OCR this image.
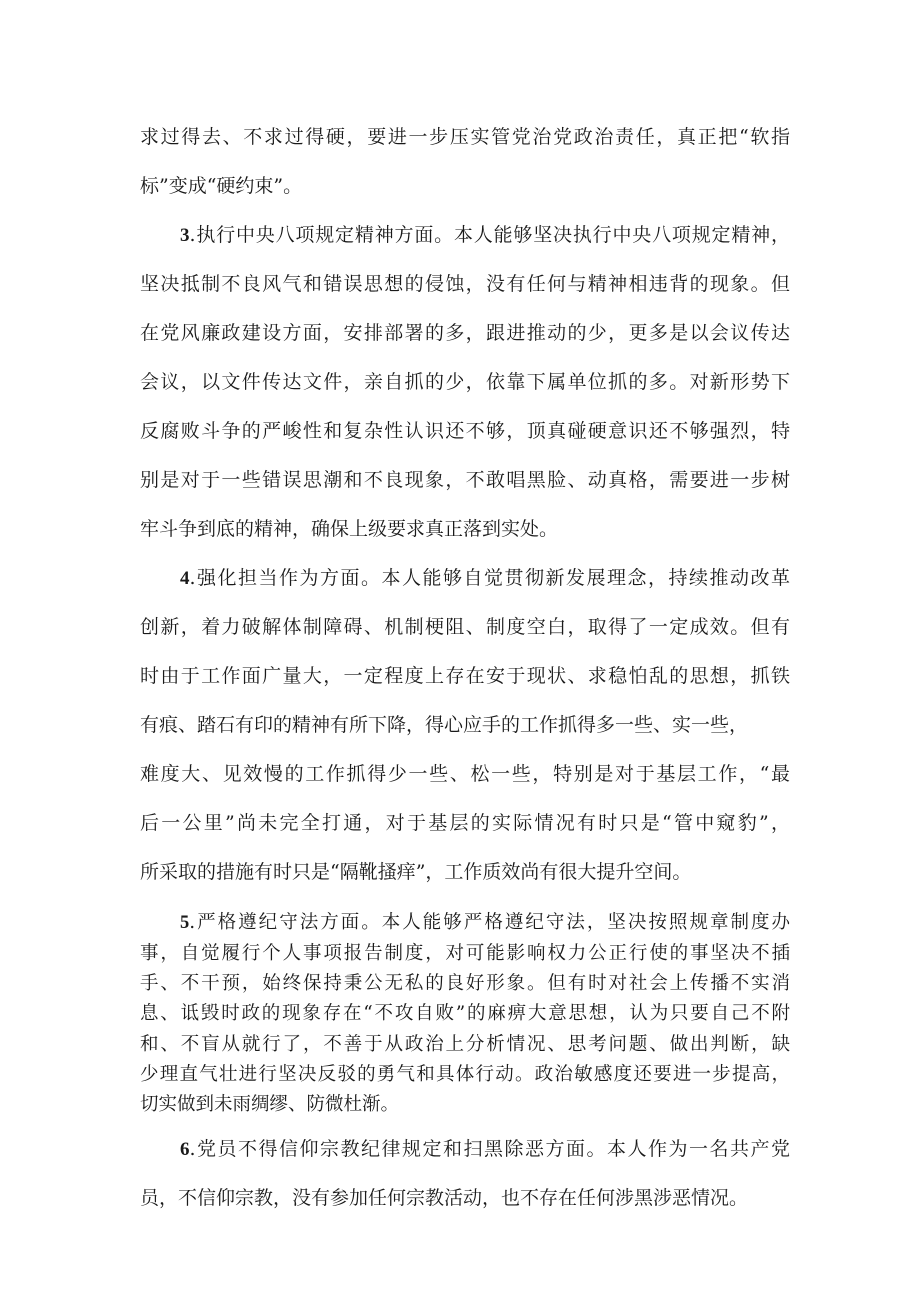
求过得去、不求过得硬，要进一步压实管党治党政治责任，真正把“软指
标”变成“硬约束”。
3.执行中央八项规定精神方面。本人能够坚决执行中央八项规定精神，
坚决抵制不良风气和错误思想的侵蚀，没有任何与精神相违背的现象。但
在党风廉政建设方面，安排部署的多，跟进推动的少，更多是以会议传达
会议，以文件传达文件，亲自抓的少，依靠下属单位抓的多。对新形势下
反腐败斗争的严峻性和复杂性认识还不够，顶真碰硬意识还不够强烈，特
别是对于一些错误思潮和不良现象，不敢唱黑脸、动真格，需要进一步树
牢斗争到底的精神，确保上级要求真正落到实处。
4.强化担当作为方面。本人能够自觉贯彻新发展理念，持续推动改革
创新，着力破解体制障碍、机制梗阻、制度空白，取得了一定成效。但有
时由于工作面广量大，一定程度上存在安于现状、求稳怕乱的思想，抓铁
有痕、踏石有印的精神有所下降，得心应手的工作抓得多一些、实一些，
难度大、见效慢的工作抓得少一些、松一些，特别是对于基层工作，“最
后一公里”尚未完全打通，对于基层的实际情况有时只是“管中窥豹”，
所采取的措施有时只是“隔靴搔痒”，工作质效尚有很大提升空间。
5.严格遵纪守法方面。本人能够严格遵纪守法，坚决按照规章制度办
事，自觉履行个人事项报告制度，对可能影响权力公正行使的事坚决不插
手、不干预，始终保持秉公无私的良好形象。但有时对社会上传播不实消
息、诋毁时政的现象存在“不攻自败”的麻痹大意思想，认为只要自己不附
和、不盲从就行了，不善于从政治上分析情况、思考问题、做出判断，缺
少理直气壮进行坚决反驳的勇气和具体行动。政治敏感度还要进一步提高，
切实做到未雨绸缪、防微杜渐。
6.党员不得信仰宗教纪律规定和扫黑除恶方面。本人作为一名共产党
员，不信仰宗教，没有参加任何宗教活动，也不存在任何涉黑涉恶情况。
